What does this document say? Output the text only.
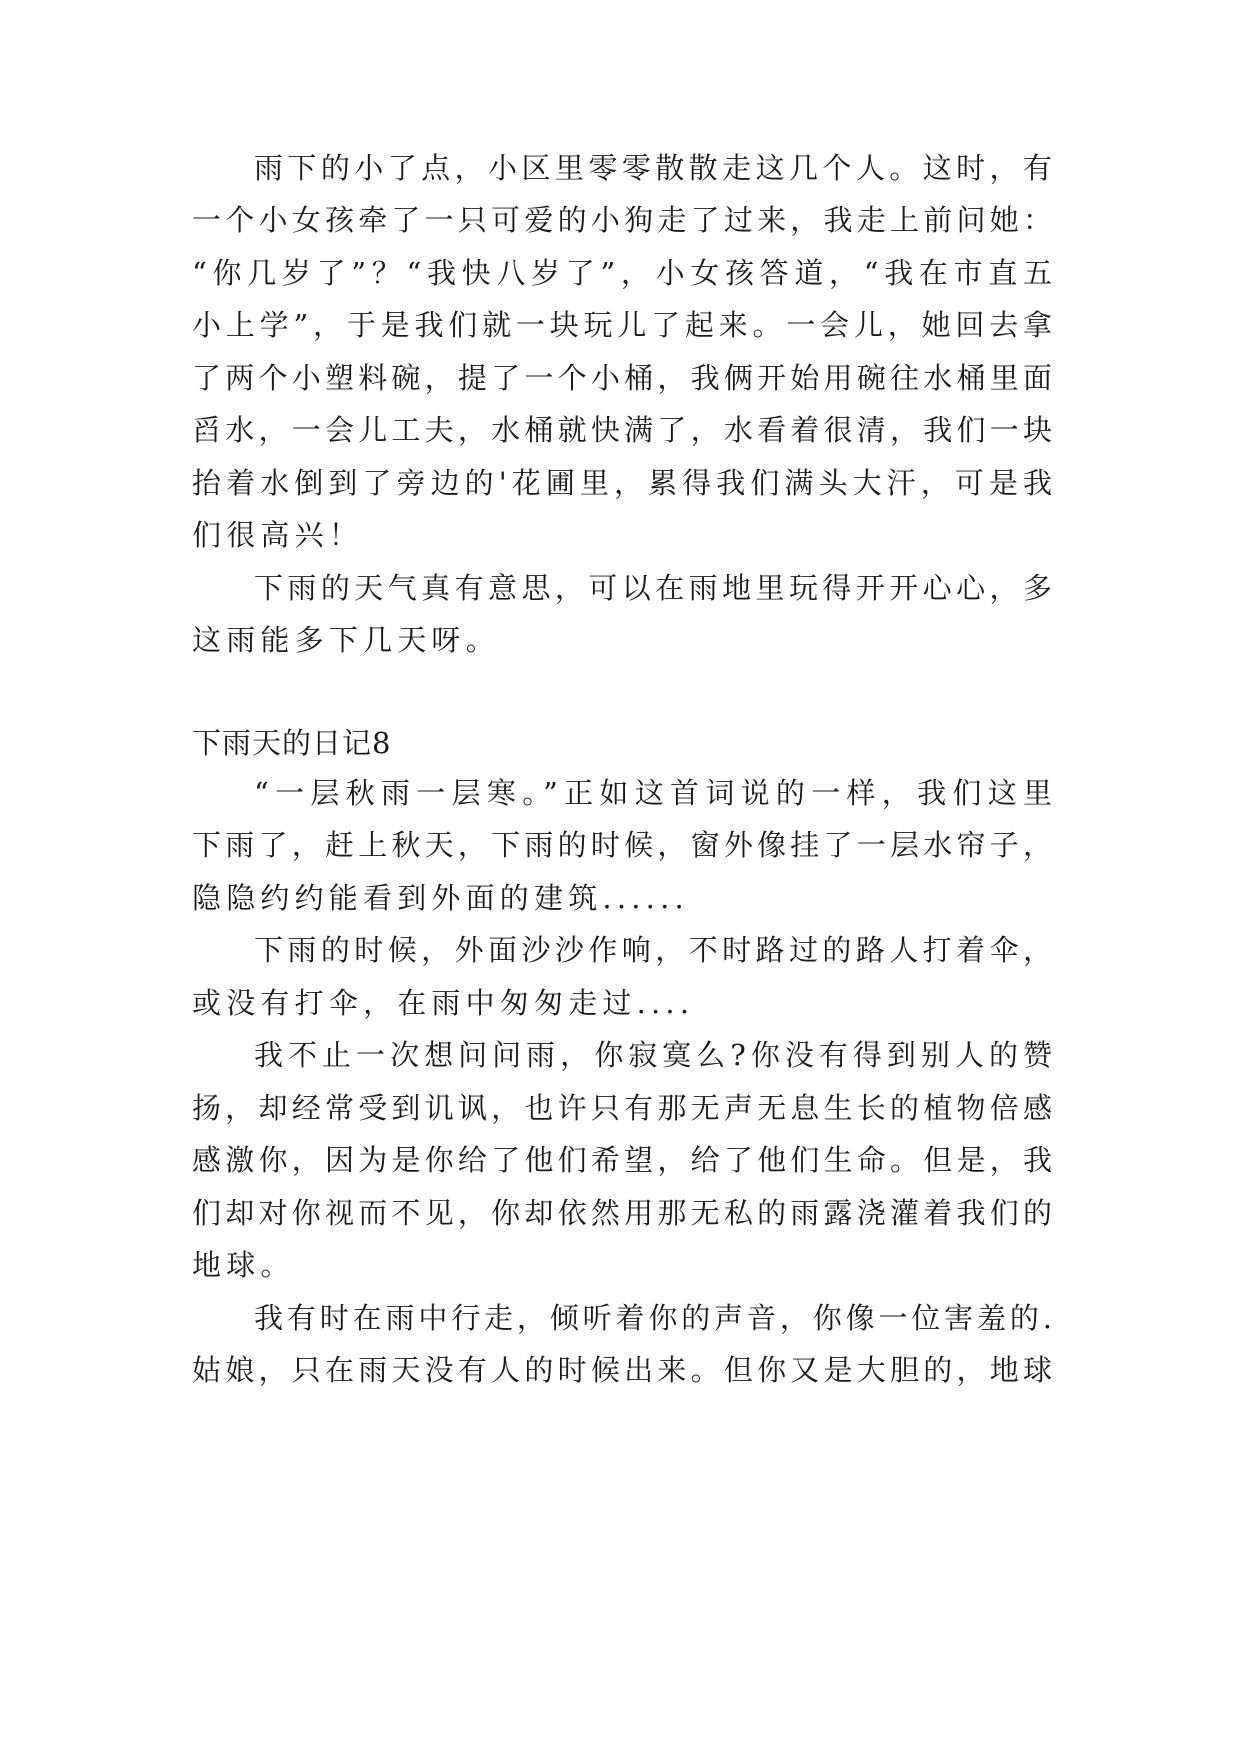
雨下的小了点，小区里零零散散走这几个人。这时，有
一个小女孩牵了一只可爱的小狗走了过来，我走上前问她：
“你几岁了”？“我快八岁了”，小女孩答道，“我在市直五
小上学”，于是我们就一块玩儿了起来。一会儿，她回去拿
了两个小塑料碗，提了一个小桶，我俩开始用碗往水桶里面
舀水，一会儿工夫，水桶就快满了，水看着很清，我们一块
抬着水倒到了旁边的'花圃里，累得我们满头大汗，可是我
们很高兴！
下雨的天气真有意思，可以在雨地里玩得开开心心，多
这雨能多下几天呀。
下雨天的日记8
“一层秋雨一层寒。”正如这首词说的一样，我们这里
下雨了，赶上秋天，下雨的时候，窗外像挂了一层水帘子，
隐隐约约能看到外面的建筑......
下雨的时候，外面沙沙作响，不时路过的路人打着伞，
或没有打伞，在雨中匆匆走过....
我不止一次想问问雨，你寂寞么?你没有得到别人的赞
扬，却经常受到讥讽，也许只有那无声无息生长的植物倍感
感激你，因为是你给了他们希望，给了他们生命。但是，我
们却对你视而不见，你却依然用那无私的雨露浇灌着我们的
地球。
我有时在雨中行走，倾听着你的声音，你像一位害羞的.
姑娘，只在雨天没有人的时候出来。但你又是大胆的，地球
